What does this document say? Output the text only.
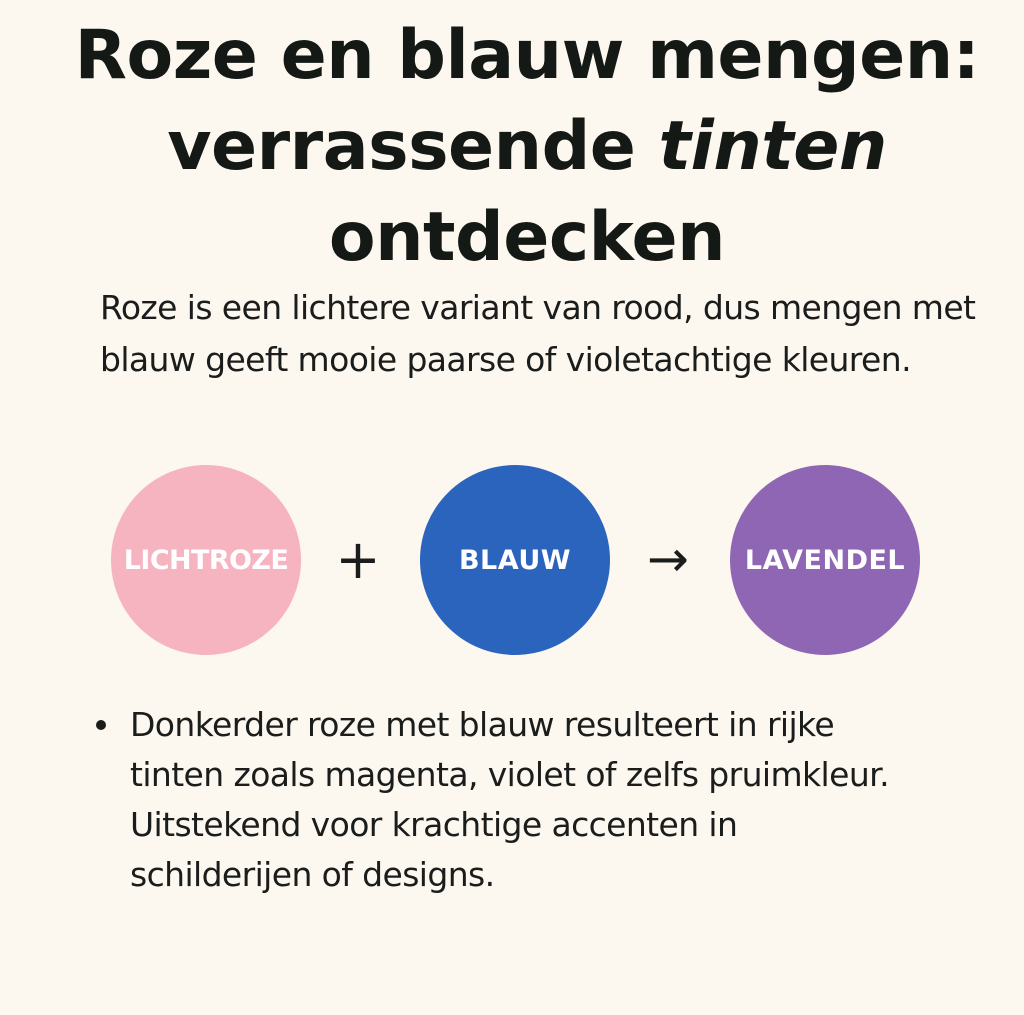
Roze en blauw mengen:
verrassende tinten
ontdecken

Roze is een lichtere variant van rood, dus mengen met blauw geeft mooie paarse of violetachtige kleuren.

LICHTROZE +	BLAUW	→	LAVENDEL
Donkerder roze met blauw resulteert in rijke
tinten zoals magenta, violet of zelfs pruimkleur.
Uitstekend voor krachtige accenten in
schilderijen of designs.
